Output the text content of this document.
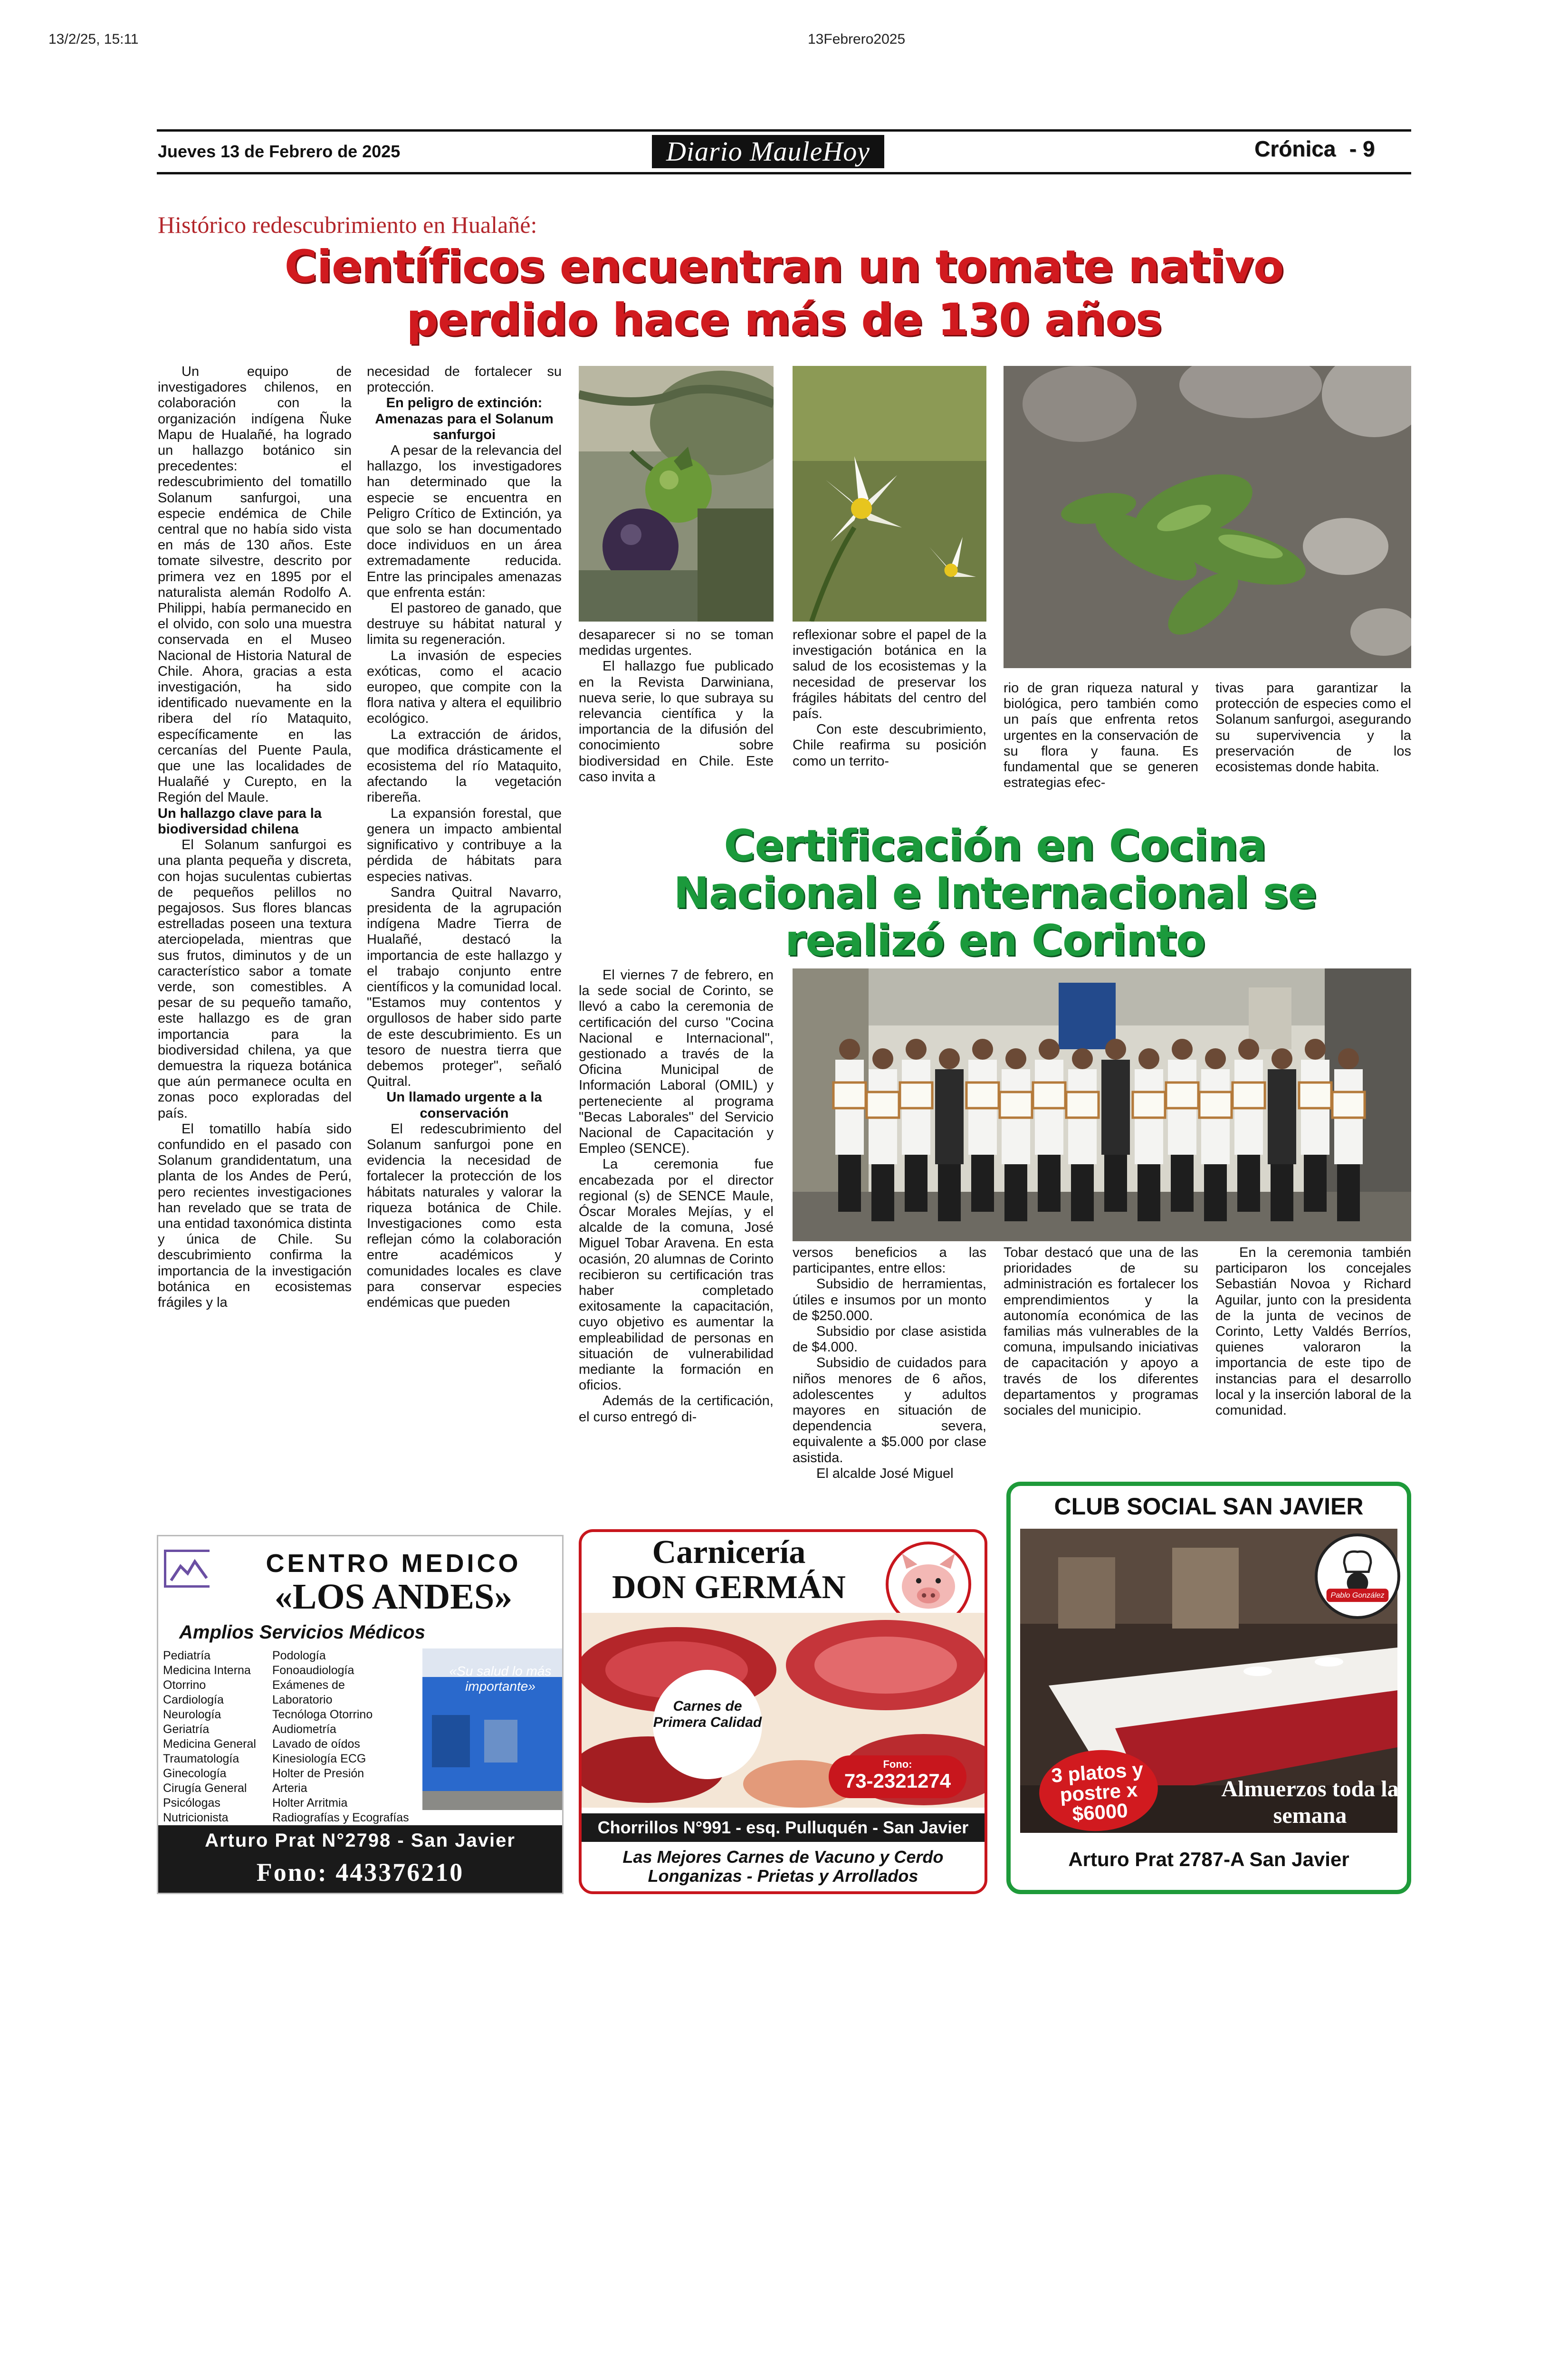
13/2/25, 15:11	13Febrero2025
Jueves 13 de Febrero de 2025	Diario MauleHoy	Crónica - 9
Histórico redescubrimiento en Hualañé:
Científicos encuentran un tomate nativo
perdido hace más de 130 años

Un equipo de investigadores chilenos, en colaboración con la organización indígena Ñuke Mapu de Hualañé, ha logrado un hallazgo botánico sin precedentes: el redescubrimiento del tomatillo Solanum sanfurgoi, una especie endémica de Chile central que no había sido vista en más de 130 años. Este tomate silvestre, descrito por primera vez en 1895 por el naturalista alemán Rodolfo A. Philippi, había permanecido en el olvido, con solo una muestra conservada en el Museo Nacional de Historia Natural de Chile. Ahora, gracias a esta investigación, ha sido identificado nuevamente en la ribera del río Mataquito, específicamente en las cercanías del Puente Paula, que une las localidades de Hualañé y Curepto, en la Región del Maule.

Un hallazgo clave para la biodiversidad chilena

El Solanum sanfurgoi es una planta pequeña y discreta, con hojas suculentas cubiertas de pequeños pelillos no pegajosos. Sus flores blancas estrelladas poseen una textura aterciopelada, mientras que sus frutos, diminutos y de un característico sabor a tomate verde, son comestibles. A pesar de su pequeño tamaño, este hallazgo es de gran importancia para la biodiversidad chilena, ya que demuestra la riqueza botánica que aún permanece oculta en zonas poco exploradas del país.

El tomatillo había sido confundido en el pasado con Solanum grandidentatum, una planta de los Andes de Perú, pero recientes investigaciones han revelado que se trata de una entidad taxonómica distinta y única de Chile. Su descubrimiento confirma la importancia de la investigación botánica en ecosistemas frágiles y la

necesidad de fortalecer su protección.

En peligro de extinción: Amenazas para el Solanum sanfurgoi

A pesar de la relevancia del hallazgo, los investigadores han determinado que la especie se encuentra en Peligro Crítico de Extinción, ya que solo se han documentado doce individuos en un área extremadamente reducida. Entre las principales amenazas que enfrenta están:

El pastoreo de ganado, que destruye su hábitat natural y limita su regeneración.

La invasión de especies exóticas, como el acacio europeo, que compite con la flora nativa y altera el equilibrio ecológico.

La extracción de áridos, que modifica drásticamente el ecosistema del río Mataquito, afectando la vegetación ribereña.

La expansión forestal, que genera un impacto ambiental significativo y contribuye a la pérdida de hábitats para especies nativas.

Sandra Quitral Navarro, presidenta de la agrupación indígena Madre Tierra de Hualañé, destacó la importancia de este hallazgo y el trabajo conjunto entre científicos y la comunidad local. "Estamos muy contentos y orgullosos de haber sido parte de este descubrimiento. Es un tesoro de nuestra tierra que debemos proteger", señaló Quitral.

Un llamado urgente a la conservación

El redescubrimiento del Solanum sanfurgoi pone en evidencia la necesidad de fortalecer la protección de los hábitats naturales y valorar la riqueza botánica de Chile. Investigaciones como esta reflejan cómo la colaboración entre académicos y comunidades locales es clave para conservar especies endémicas que pueden

desaparecer si no se toman medidas urgentes.

El hallazgo fue publicado en la Revista Darwiniana, nueva serie, lo que subraya su relevancia científica y la importancia de la difusión del conocimiento sobre biodiversidad en Chile. Este caso invita a

reflexionar sobre el papel de la investigación botánica en la salud de los ecosistemas y la necesidad de preservar los frágiles hábitats del centro del país.

Con este descubrimiento, Chile reafirma su posición como un territo-

rio de gran riqueza natural y biológica, pero también como un país que enfrenta retos urgentes en la conservación de su flora y fauna. Es fundamental que se generen estrategias efec-

tivas para garantizar la protección de especies como el Solanum sanfurgoi, asegurando su supervivencia y la preservación de los ecosistemas donde habita.

Certificación en Cocina
Nacional e Internacional se
realizó en Corinto

El viernes 7 de febrero, en la sede social de Corinto, se llevó a cabo la ceremonia de certificación del curso "Cocina Nacional e Internacional", gestionado a través de la Oficina Municipal de Información Laboral (OMIL) y perteneciente al programa "Becas Laborales" del Servicio Nacional de Capacitación y Empleo (SENCE).

La ceremonia fue encabezada por el director regional (s) de SENCE Maule, Óscar Morales Mejías, y el alcalde de la comuna, José Miguel Tobar Aravena. En esta ocasión, 20 alumnas de Corinto recibieron su certificación tras haber completado exitosamente la capacitación, cuyo objetivo es aumentar la empleabilidad de personas en situación de vulnerabilidad mediante la formación en oficios.

Además de la certificación, el curso entregó di-

versos beneficios a las participantes, entre ellos:

Subsidio de herramientas, útiles e insumos por un monto de $250.000.

Subsidio por clase asistida de $4.000.

Subsidio de cuidados para niños menores de 6 años, adolescentes y adultos mayores en situación de dependencia severa, equivalente a $5.000 por clase asistida.

El alcalde José Miguel

Tobar destacó que una de las prioridades de su administración es fortalecer los emprendimientos y la autonomía económica de las familias más vulnerables de la comuna, impulsando iniciativas de capacitación y apoyo a través de los diferentes departamentos y programas sociales del municipio.

En la ceremonia también participaron los concejales Sebastián Novoa y Richard Aguilar, junto con la presidenta de la junta de vecinos de Corinto, Letty Valdés Berríos, quienes valoraron la importancia de este tipo de instancias para el desarrollo local y la inserción laboral de la comunidad.

CENTRO MEDICO
«LOS ANDES»
Amplios Servicios Médicos
«Su salud lo más importante»
Pediatría
Medicina Interna
Otorrino
Cardiología
Neurología
Geriatría
Medicina General
Traumatología
Ginecología
Cirugía General
Psicólogas
Nutricionista
Podología
Fonoaudiología
Exámenes de
Laboratorio
Tecnóloga Otorrino
Audiometría
Lavado de oídos
Kinesiología ECG
Holter de Presión
Arteria
Holter Arritmia
Radiografías y Ecografías
Arturo Prat N°2798 - San Javier
Fono: 443376210
Carnicería
DON GERMÁN
Carnes de Primera Calidad
Fono:
73-2321274
Chorrillos N°991 - esq. Pulluquén - San Javier
Las Mejores Carnes de Vacuno y Cerdo
Longanizas - Prietas y Arrollados
CLUB SOCIAL SAN JAVIER
Pablo González
3 platos y postre x $6000
Almuerzos toda la semana
Arturo Prat 2787-A San Javier
